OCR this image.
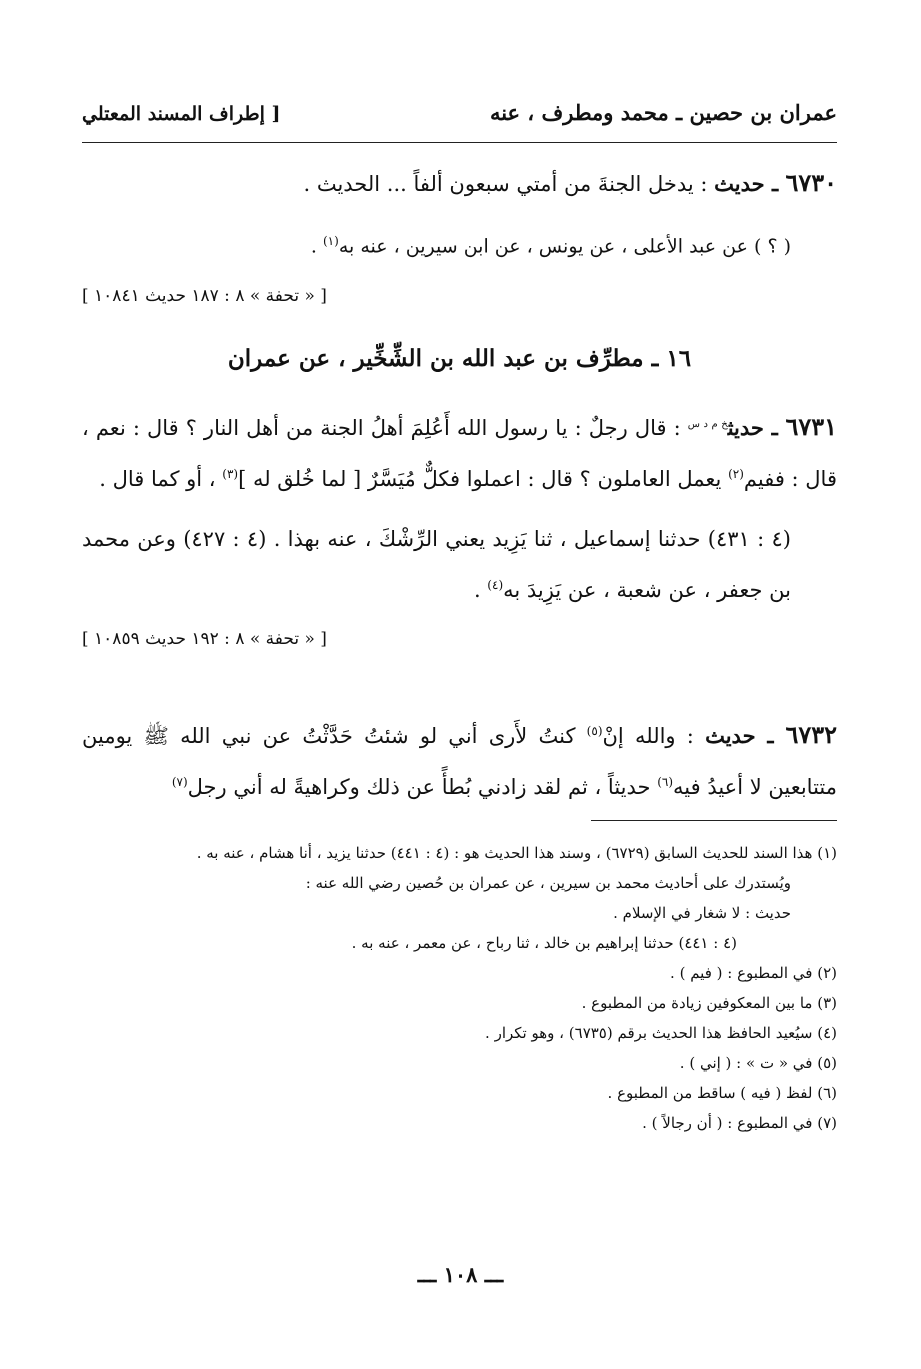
عمران بن حصين ـ محمد ومطرف ، عنه
[ إطراف المسند المعتلي

٦٧٣٠ ـ حديث : يدخل الجنةَ من أمتي سبعون ألفاً ... الحديث .

( ؟ ) عن عبد الأعلى ، عن يونس ، عن ابن سيرين ، عنه به$^{(١)}$ .

[ « تحفة » ٨ : ١٨٧ حديث ١٠٨٤١ ]

١٦ ـ مطرِّف بن عبد الله بن الشِّخِّير ، عن عمران

٦٧٣١ ـ حديث$^{خ م د س}$ : قال رجلٌ : يا رسول الله أَعُلِمَ أهلُ الجنة من أهل النار ؟ قال : نعم ، قال : ففيم$^{(٢)}$ يعمل العاملون ؟ قال : اعملوا فكلٌّ مُيَسَّرٌ [ لما خُلق له ]$^{(٣)}$ ، أو كما قال .

(٤ : ٤٣١) حدثنا إسماعيل ، ثنا يَزِيد يعني الرِّشْكَ ، عنه بهذا . (٤ : ٤٢٧) وعن محمد بن جعفر ، عن شعبة ، عن يَزِيدَ به$^{(٤)}$ .

[ « تحفة » ٨ : ١٩٢ حديث ١٠٨٥٩ ]

٦٧٣٢ ـ حديث : والله إنْ$^{(٥)}$ كنتُ لأَرى أني لو شئتُ حَدَّثْتُ عن نبي الله ﷺ يومين متتابعين لا أعيدُ فيه$^{(٦)}$ حديثاً ، ثم لقد زادني بُطأً عن ذلك وكراهيةً له أني رجل$^{(٧)}$

(١) هذا السند للحديث السابق (٦٧٢٩) ، وسند هذا الحديث هو : (٤ : ٤٤١) حدثنا يزيد ، أنا هشام ، عنه به .

ويُستدرك على أحاديث محمد بن سيرين ، عن عمران بن حُصين رضي الله عنه :

حديث : لا شغار في الإسلام .

(٤ : ٤٤١) حدثنا إبراهيم بن خالد ، ثنا رباح ، عن معمر ، عنه به .

(٢) في المطبوع : ( فيم ) .

(٣) ما بين المعكوفين زيادة من المطبوع .

(٤) سيُعيد الحافظ هذا الحديث برقم (٦٧٣٥) ، وهو تكرار .

(٥) في « ت » : ( إني ) .

(٦) لفظ ( فيه ) ساقط من المطبوع .

(٧) في المطبوع : ( أن رجالاً ) .

ـــ ١٠٨ ـــ
